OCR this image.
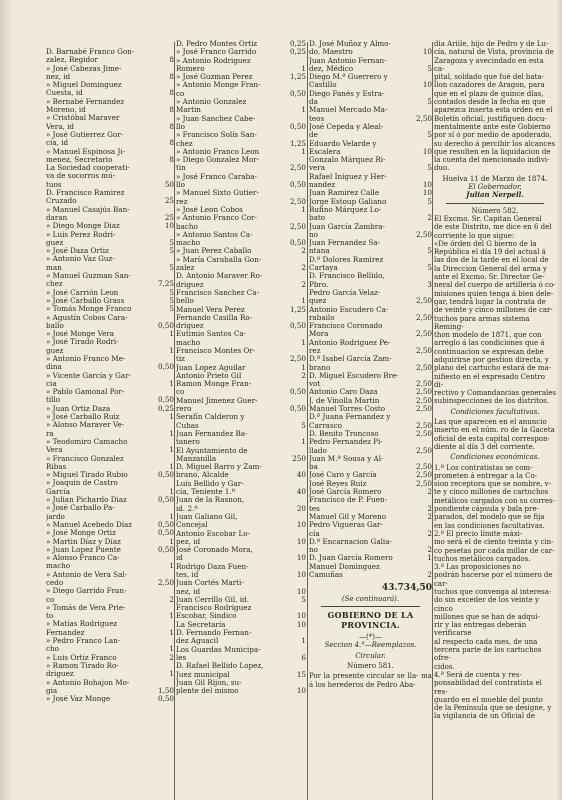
D. Barnabé Franco Gon-
zalez, Regidor	8
» José Cabezas Jime-
nez, id	8
» Miguel Dominguez
Cuesta, id	8
» Bernabé Fernandez
Moreno, id	8
» Cristóbal Maraver
Vera, id	8
» José Gutierrez Gor-
cia, id	8
» Manuel Espinosa Ji-
menez, Secretario	8
La Sociedad cooperati-
va de socorros mú-
tuos	50
D. Francisco Ramirez
Cruzado	25
» Manuel Casajús Ban-
daran	25
» Diego Monge Diaz	10
» Luis Perez Rodri-
guez	5
» José Daza Ortiz	5
» Antonio Vaz Guz-
man	5
» Manuel Guzman San-
chez	7,25
» José Carrión Leon	5
» José Carballo Grass	5
» Tomás Monge Franco	5
» Agustín Cobos Cara-
ballo	0,50
» José Monge Vera	1
» José Tirado Rodri-
guez	1
» Antonio Franco Me-
dina	0,50
» Vicente García y Gar-
cia	1
» Pablo Gamonal Por-
tillo	0,50
» Juan Ortiz Daza	0,25
» José Carballo Ruiz	1
» Alonso Maraver Ve-
ra	1
» Teodomiro Camacho
Vera	1
» Francisco Gonzalez
Ribas	1
» Miguel Tirado Rubio	0,50
» Joaquin de Castro
García	1
» Julian Pichardo Diaz	0,50
» José Carballo Pa-
jardo	1
» Manuel Acebedo Díaz	0,50
» José Monge Ortiz	0,50
» Martin Díaz y Díaz	1
» Juan Lopez Puente	0,50
» Alonso Franco Ca-
macho	1
» Antonio de Vera Sal-
cedo	2,50
» Diego Garrido Fran-
co	2
» Tomás de Vera Prie-
to	1
» Matías Rodriguez
Fernandez	1
» Pedro Franco Lan-
cho	1
» Luis Ortiz Franco	2
» Ramon Tirado Ro-
driguez	1
» Antonio Bohajon Mo-
gia	1,50
» José Vaz Monge	0,50
D. Pedro Montes Ortiz	0,25
» José Franco Garrido	0,25
» Antonio Rodriguez
Romero	1
» José Guzman Perez	1,25
» Antonio Monge Fran-
co	0,50
» Antonio Gonzalez
Martin	1
» Juan Sanchez Cabe-
llo	0,50
» Francisco Solís San-
chez	1,25
» Antonio Franco Leon	1
» Diego Gonzalez Mor-
tin	2,50
» José Franco Caraba-
llo	0,50
» Manuel Sixto Gutier-
rez	2,50
» José Leon Cobos	1
» Antonio Franco Cor-
bacho	2,50
» Antonio Santos Ca-
macho	0,50
» Juan Perez Caballo	2
» María Caraballa Gon-
zalez	2
D. Antonio Maraver Ro-
driguez	2
Francisco Sanchez Ca-
bello	1
Manuel Vera Perez	1,25
Fernando Casilla Ro-
driguez	0,50
Eutimio Santos Ca-
macho	1
Francisco Montes Or-
tiz	2,50
Juan Lopez Aguilar	1
Antonio Prieto Gil	2
Ramon Monge Fran-
co	0,50
Manuel Jimenez Guer-
rero	0,50
Serafín Calderon y
Cubas	5
Juan Fernandez Ba-
tanero	1
El Ayuntamiento de
Manzanilla	250
D. Miguel Barro y Zam-
brano, Alcalde	40
Luis Bellido y Gar-
cía, Teniente 1.º	40
Juan de la Rasnon,
id. 2.º	20
Juan Galiano Gil,
Concejal	10
Antonio Escobar Lo-
pez, id	10
José Coronado Mora,
id	10
Rodrigo Daza Fuen-
tes, id	10
Juan Cortés Marti-
nez, id	10
Juan Cerrillo Gil, id.	5
Francisco Rodriguez
Escobar, Sindico	10
La Secretaría	10
D. Fernando Fernan-
dez Aguacil	1
Los Guardas Municipa-
les	6
D. Rafael Bellido Lopez,
Juez municipal	15
Juan Gil Rijon, su-
plente del mismo	10
D. José Muñoz y Almo-
do, Maestro	10
Juan Antonio Fernan-
dez, Médico	5
Diego M.ª Guerrero y
Castillo	10
Diego Fanés y Estra-
da	5
Manuel Mercado Ma-
teos	2,50
José Cepeda y Aleal-
de	5
Eduardo Velarde y
Escalera	10
Gonzalo Márquez Ri-
vera	5
Rafael Iniguez y Her-
nandez	10
Juan Ramirez Calle	10
Jorge Estoup Galiano	5
Rufino Márquez Lo-
bato	2
Juan García Zambra-
no	2,50
Juan Fernandez Sa-
ntana	5
D.ª Dolores Ramirez
Cartaya	5
D. Francisco Bellido,
Pbro.	3
Pedro García Velaz-
quez	2,50
Antonio Escudero Ca-
rabailo	2,50
Francisco Coronado
Mora	2,50
Antonio Rodriguez Pe-
rez	2,50
D.ª Isabel García Zam-
brano	2,50
D. Miguel Escudero Bre-
vot	2,50
Antonio Caro Daza	2,50
J. de Vinolla Martin	2,50
Manuel Torres Costo	2,50
D.ª Juana Fernandez y
Carrasco	2,50
D. Benito Troncoso	2,50
Pedro Fernandez Pi-
llado	2,50
Juan M.ª Sousa y Al-
ba	2,50
José Caro y García	2,50
José Reyes Ruiz	2,50
José García Romero	2
Francisco de P. Fuen-
tes	2
Manuel Gil y Moreno	2
Pedro Vigueras Gar-
cía	2
D.ª Encarnacion Galia-
no	2
D. Juan García Romero	1
Manuel Dominguez
Camuñas	2
43.734,50
(Se continuará).
GOBIERNO DE LA PROVINCIA.
—(*)—
Seccion 4.ª—Reemplazos.
Circular.
Número 581.
Por la presente circular se lla- ma á los herederos de Pedro Aba-

dia Ariile, hijo de Pedro y de Lu-

cía, natural de Vista, provincia de

Zaragoza y avecindado en esta ca-

pital, soldado que fué del bata-

llon cazadores de Aragon, para

que en el plazo de quince días,

contados desde la fecha en que

aparezca inserta esta orden en el

Boletín oficial, justifiquen docu-

mentalmente ante este Gobierno

por sí ó por medio de apoderado,

su derecho á percibir los alcances

que resulten en la liquidacion de

la cuenta del mencionado indivi-

duo.

Huelva 11 de Marzo de 1874.

El Gobernador,

Julian Nerpell.

Número 582.

El Excmo. Sr. Capitan General

de este Distrito, me dice en 6 del

corriente lo que sigue:

«De órden del G bierno de la

República el día 19 del actual á

las dos de la tarde en el local de

la Direccion General del arma y

ante el Excmo. Sr. Director Ge-

neral del cuerpo de artillería ó co-

misiones quien tenga á bien dele-

gar, tendrá lugar la contrata de

de veinte y cinco millones de car-

tuchos para armas sistema Reming-

thon modelo de 1871, que con

arreglo á las condiciones que á

continuacion se expresan debe

adquirirse por gestion directa, y

plano del cartucho estará de ma-

nifiesto en el expresado Centro di-

rectivo y Comandancias generales

subinspecciones de los distritos.

Condiciones facultativas.

Las que aparecen en el anuncio

inserto en el núm. ro de la Gaceta

oficial de esta capital correspon-

diente al día 3 del corriente.

Condiciones económicas.

1.ª Los contratistas se com-

prometen á entregar a la Co-

sion receptora que se nombre, v-

te y cinco millones de cartuchos

metálicos cargados con su corres-

pondiente cápsula y bala pre-

parados, del modelo que se fija

en las condiciones facultativas.

2.ª El precio límite máxi-

mo será el de ciento treinta y cin-

co pesetas por cada millar de car-

tuchos metálicos cargados.

3.ª Las proposiciones no

podrán hacerse por el número de car-

tuchos que convenga al interesa-

do sin exceder de los veinte y cinco

millones que se han de adqui-

rir y las entregas deberán verificarse

al respecto cada mes, de una

tercera parte de los cartuchos ofre-

cidos.

4.ª Será de cuenta y res-

ponsabilidad del contratista el res-

guardo en el mueble del punto

de la Península que se designe, y

la vigilancia de un Oficial de
